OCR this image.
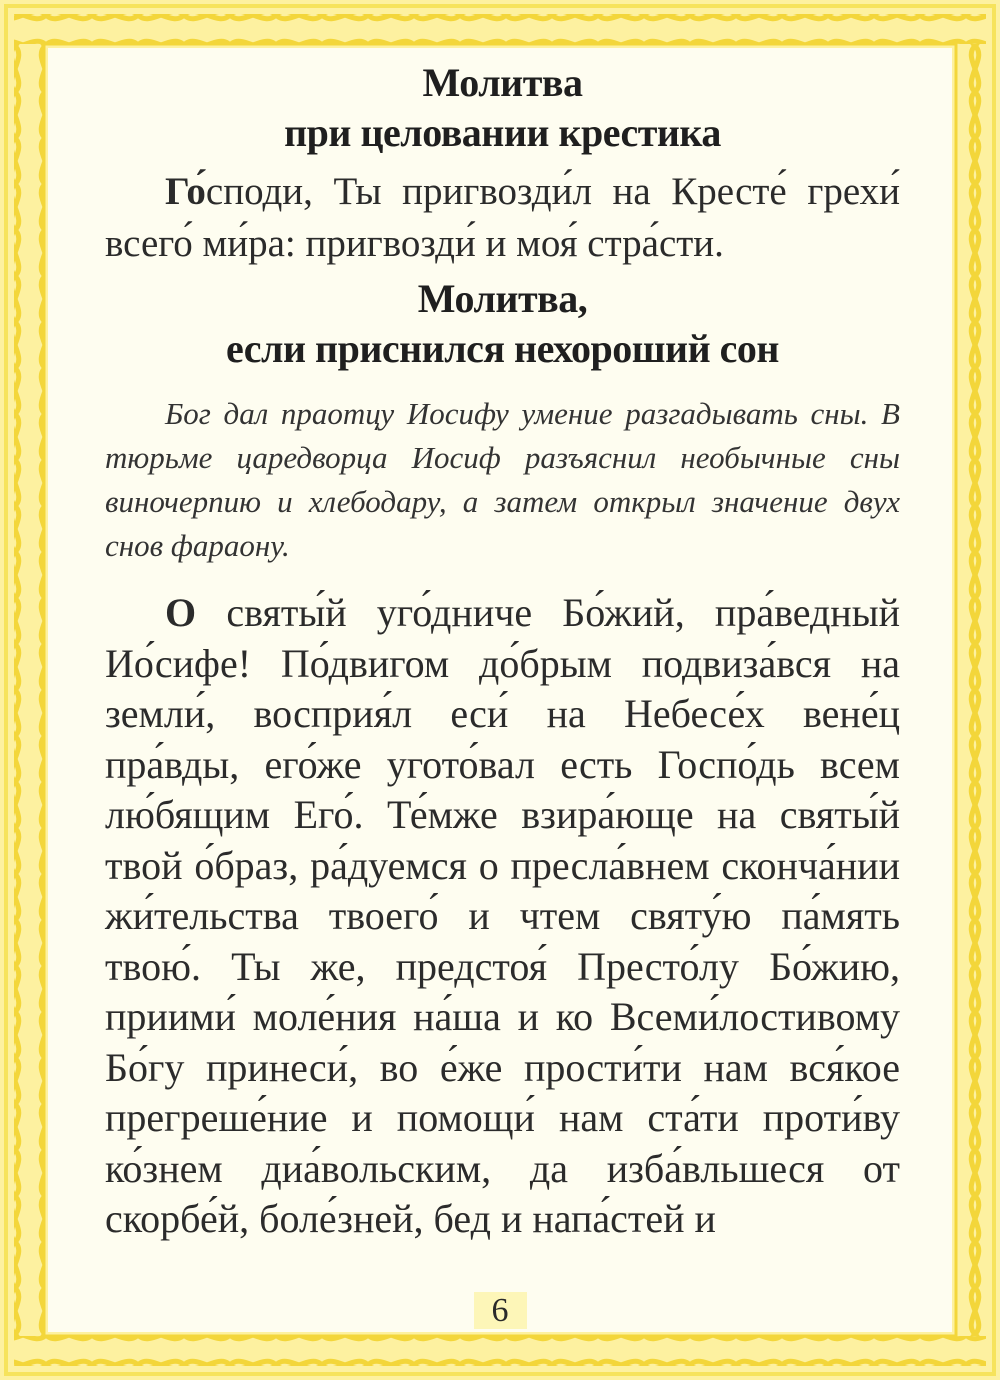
Молитва
при целовании крестика

Го́споди, Ты пригвозди́л на Кресте́ грехи́ всего́ ми́ра: пригвозди́ и моя́ стра́сти.

Молитва,
если приснился нехороший сон

Бог дал праотцу Иосифу умение разгадывать сны. В тюрьме царедворца Иосиф разъяснил необычные сны виночерпию и хлебодару, а затем открыл значение двух снов фараону.

О святы́й уго́дниче Бо́жий, пра́ведный Ио́сифе! По́двигом до́брым подвиза́вся на земли́, восприя́л еси́ на Небесе́х вене́ц пра́вды, его́же угото́вал есть Госпо́дь всем лю́бящим Его́. Те́мже взира́юще на святы́й твой о́браз, ра́дуемся о пресла́внем сконча́нии жи́тельства твоего́ и чтем святу́ю па́мять твою́. Ты же, предстоя́ Престо́лу Бо́жию, приими́ моле́ния на́ша и ко Всеми́лостивому Бо́гу принеси́, во е́же прости́ти нам вся́кое прегреше́ние и помощи́ нам ста́ти проти́ву ко́знем диа́вольским, да изба́вльшеся от скорбе́й, боле́зней, бед и напа́стей и

6
